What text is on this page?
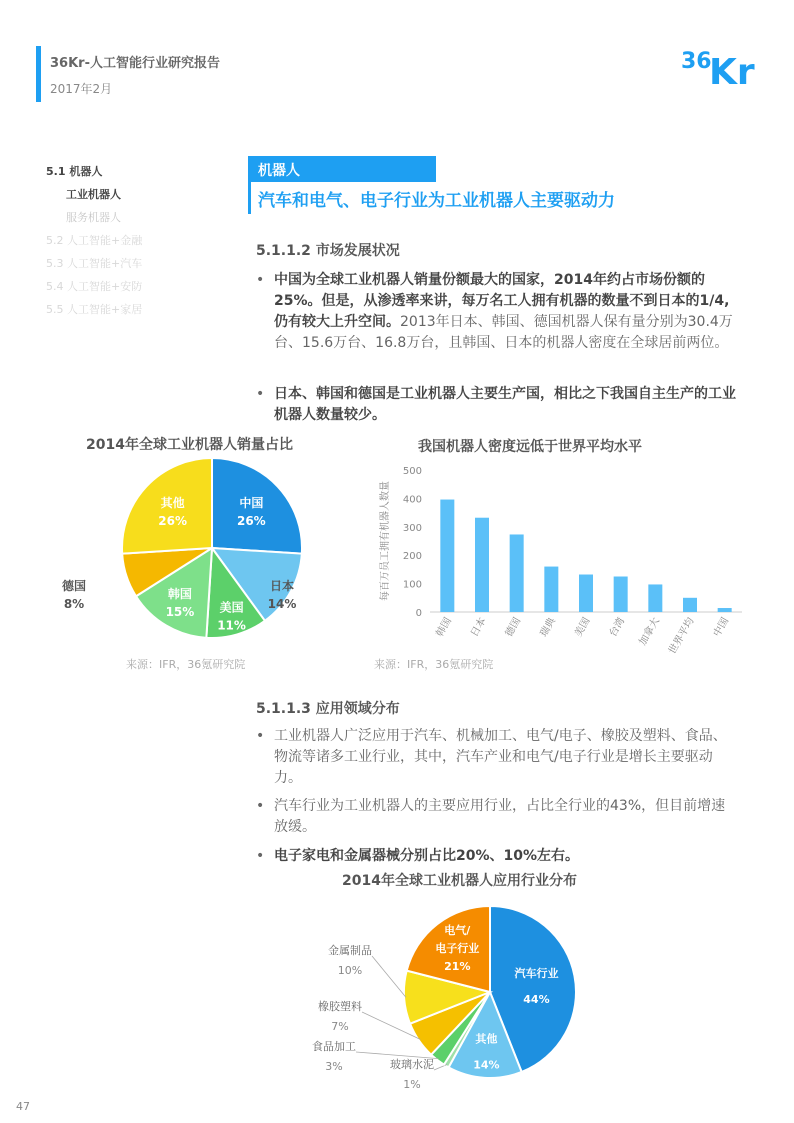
36Kr-人工智能行业研究报告
2017年2月
36
Kr
5.1 机器人
工业机器人
服务机器人
5.2 人工智能+金融
5.3 人工智能+汽车
5.4 人工智能+安防
5.5 人工智能+家居
机器人
汽车和电气、电子行业为工业机器人主要驱动力
5.1.1.2 市场发展状况
• 中国为全球工业机器人销量份额最大的国家，2014年约占市场份额的25%。但是，从渗透率来讲，每万名工人拥有机器的数量不到日本的1/4, 仍有较大上升空间。2013年日本、韩国、德国机器人保有量分别为30.4万台、15.6万台、16.8万台，且韩国、日本的机器人密度在全球居前两位。
• 日本、韩国和德国是工业机器人主要生产国，相比之下我国自主生产的工业机器人数量较少。
2014年全球工业机器人销量占比
中国
26%
日本
14%
美国
11%
韩国
15%
德国
8%
其他
26%
来源：IFR，36氪研究院
我国机器人密度远低于世界平均水平
0
100
200
300
400
500
每百万员工拥有机器人数量
韩国 日本 德国 瑞典 美国 台湾 加拿大 世界平均 中国
来源：IFR，36氪研究院
5.1.1.3 应用领域分布
• 工业机器人广泛应用于汽车、机械加工、电气/电子、橡胶及塑料、食品、物流等诸多工业行业，其中，汽车产业和电气/电子行业是增长主要驱动力。
• 汽车行业为工业机器人的主要应用行业，占比全行业的43%，但目前增速放缓。
• 电子家电和金属器械分别占比20%、10%左右。
2014年全球工业机器人应用行业分布
汽车行业
44%
其他
14%
玻璃水泥
1%
食品加工
3%
橡胶塑料
7%
金属制品
10%
电气/
电子行业
21%
47
